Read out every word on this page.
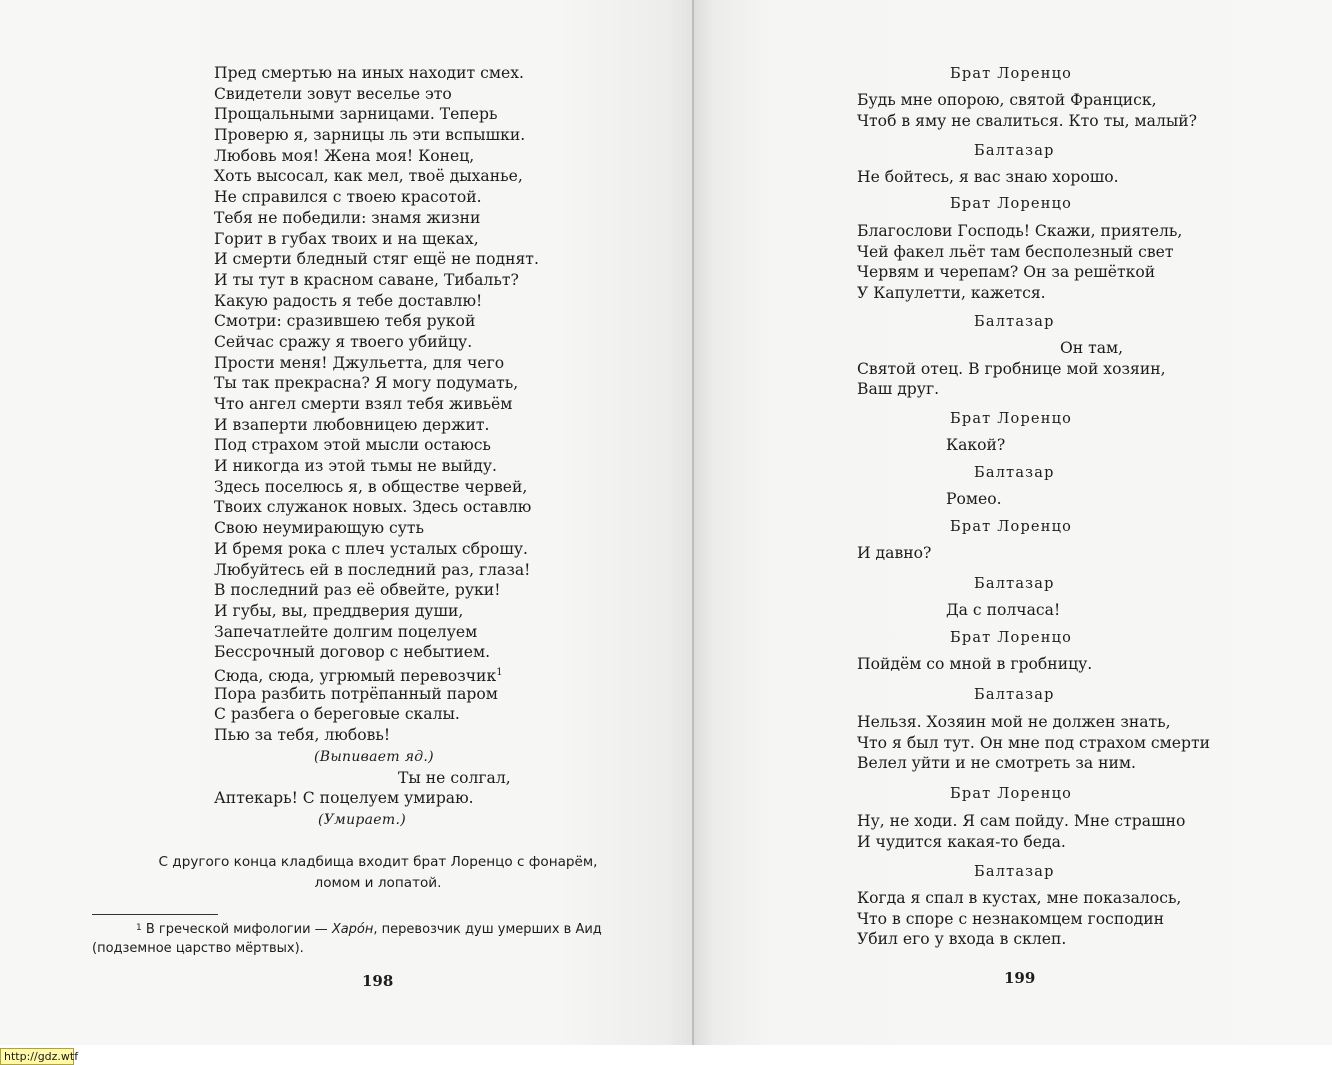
Пред смертью на иных находит смех.
Свидетели зовут веселье это
Прощальными зарницами. Теперь
Проверю я, зарницы ль эти вспышки.
Любовь моя! Жена моя! Конец,
Хоть высосал, как мел, твоё дыханье,
Не справился с твоею красотой.
Тебя не победили: знамя жизни
Горит в губах твоих и на щеках,
И смерти бледный стяг ещё не поднят.
И ты тут в красном саване, Тибальт?
Какую радость я тебе доставлю!
Смотри: сразившею тебя рукой
Сейчас сражу я твоего убийцу.
Прости меня! Джульетта, для чего
Ты так прекрасна? Я могу подумать,
Что ангел смерти взял тебя живьём
И взаперти любовницею держит.
Под страхом этой мысли остаюсь
И никогда из этой тьмы не выйду.
Здесь поселюсь я, в обществе червей,
Твоих служанок новых. Здесь оставлю
Свою неумирающую суть
И бремя рока с плеч усталых сброшу.
Любуйтесь ей в последний раз, глаза!
В последний раз её обвейте, руки!
И губы, вы, преддверия души,
Запечатлейте долгим поцелуем
Бессрочный договор с небытием.
Сюда, сюда, угрюмый перевозчик$^1$
Пора разбить потрёпанный паром
С разбега о береговые скалы.
Пью за тебя, любовь!
(Выпивает яд.)
Ты не солгал,
Аптекарь! С поцелуем умираю.
(Умирает.)
С другого конца кладбища входит брат Лоренцо с фонарём,
ломом и лопатой.
$^1$ В греческой мифологии — Харóн, перевозчик душ умерших в Аид
(подземное царство мёртвых).
198
Брат Лоренцо
Будь мне опорою, святой Франциск,
Чтоб в яму не свалиться. Кто ты, малый?
Балтазар
Не бойтесь, я вас знаю хорошо.
Брат Лоренцо
Благослови Господь! Скажи, приятель,
Чей факел льёт там бесполезный свет
Червям и черепам? Он за решёткой
У Капулетти, кажется.
Балтазар
Он там,
Святой отец. В гробнице мой хозяин,
Ваш друг.
Брат Лоренцо
Какой?
Балтазар
Ромео.
Брат Лоренцо
И давно?
Балтазар
Да с полчаса!
Брат Лоренцо
Пойдём со мной в гробницу.
Балтазар
Нельзя. Хозяин мой не должен знать,
Что я был тут. Он мне под страхом смерти
Велел уйти и не смотреть за ним.
Брат Лоренцо
Ну, не ходи. Я сам пойду. Мне страшно
И чудится какая-то беда.
Балтазар
Когда я спал в кустах, мне показалось,
Что в споре с незнакомцем господин
Убил его у входа в склеп.
199
http://gdz.wtf
